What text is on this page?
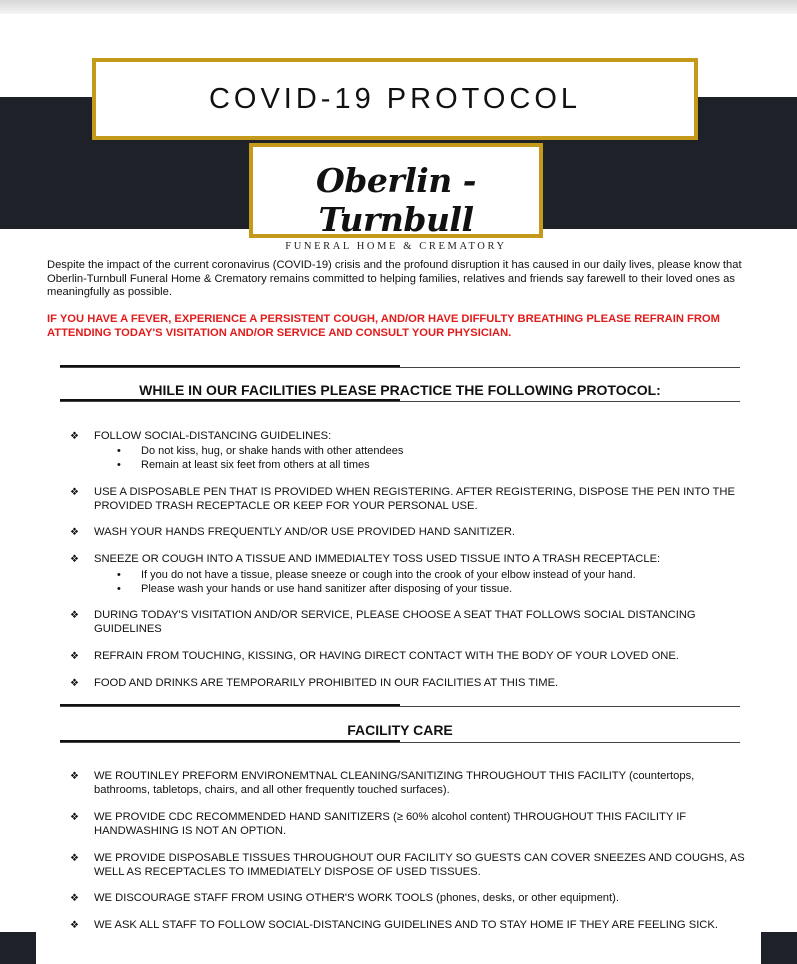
COVID-19 PROTOCOL
Oberlin - Turnbull
FUNERAL HOME & CREMATORY
Despite the impact of the current coronavirus (COVID-19) crisis and the profound disruption it has caused in our daily lives, please know that Oberlin-Turnbull Funeral Home & Crematory remains committed to helping families, relatives and friends say farewell to their loved ones as meaningfully as possible.
IF YOU HAVE A FEVER, EXPERIENCE A PERSISTENT COUGH, AND/OR HAVE DIFFULTY BREATHING PLEASE REFRAIN FROM ATTENDING TODAY'S VISITATION AND/OR SERVICE AND CONSULT YOUR PHYSICIAN.
WHILE IN OUR FACILITIES PLEASE PRACTICE THE FOLLOWING PROTOCOL:
❖ FOLLOW SOCIAL-DISTANCING GUIDELINES:
• Do not kiss, hug, or shake hands with other attendees
• Remain at least six feet from others at all times
❖ USE A DISPOSABLE PEN THAT IS PROVIDED WHEN REGISTERING. AFTER REGISTERING, DISPOSE THE PEN INTO THE PROVIDED TRASH RECEPTACLE OR KEEP FOR YOUR PERSONAL USE.
❖ WASH YOUR HANDS FREQUENTLY AND/OR USE PROVIDED HAND SANITIZER.
❖ SNEEZE OR COUGH INTO A TISSUE AND IMMEDIALTEY TOSS USED TISSUE INTO A TRASH RECEPTACLE:
• If you do not have a tissue, please sneeze or cough into the crook of your elbow instead of your hand.
• Please wash your hands or use hand sanitizer after disposing of your tissue.
❖ DURING TODAY'S VISITATION AND/OR SERVICE, PLEASE CHOOSE A SEAT THAT FOLLOWS SOCIAL DISTANCING GUIDELINES
❖ REFRAIN FROM TOUCHING, KISSING, OR HAVING DIRECT CONTACT WITH THE BODY OF YOUR LOVED ONE.
❖ FOOD AND DRINKS ARE TEMPORARILY PROHIBITED IN OUR FACILITIES AT THIS TIME.
FACILITY CARE
❖ WE ROUTINLEY PREFORM ENVIRONEMTNAL CLEANING/SANITIZING THROUGHOUT THIS FACILITY (countertops, bathrooms, tabletops, chairs, and all other frequently touched surfaces).
❖ WE PROVIDE CDC RECOMMENDED HAND SANITIZERS (≥ 60% alcohol content) THROUGHOUT THIS FACILITY IF HANDWASHING IS NOT AN OPTION.
❖ WE PROVIDE DISPOSABLE TISSUES THROUGHOUT OUR FACILITY SO GUESTS CAN COVER SNEEZES AND COUGHS, AS WELL AS RECEPTACLES TO IMMEDIATELY DISPOSE OF USED TISSUES.
❖ WE DISCOURAGE STAFF FROM USING OTHER'S WORK TOOLS (phones, desks, or other equipment).
❖ WE ASK ALL STAFF TO FOLLOW SOCIAL-DISTANCING GUIDELINES AND TO STAY HOME IF THEY ARE FEELING SICK.
